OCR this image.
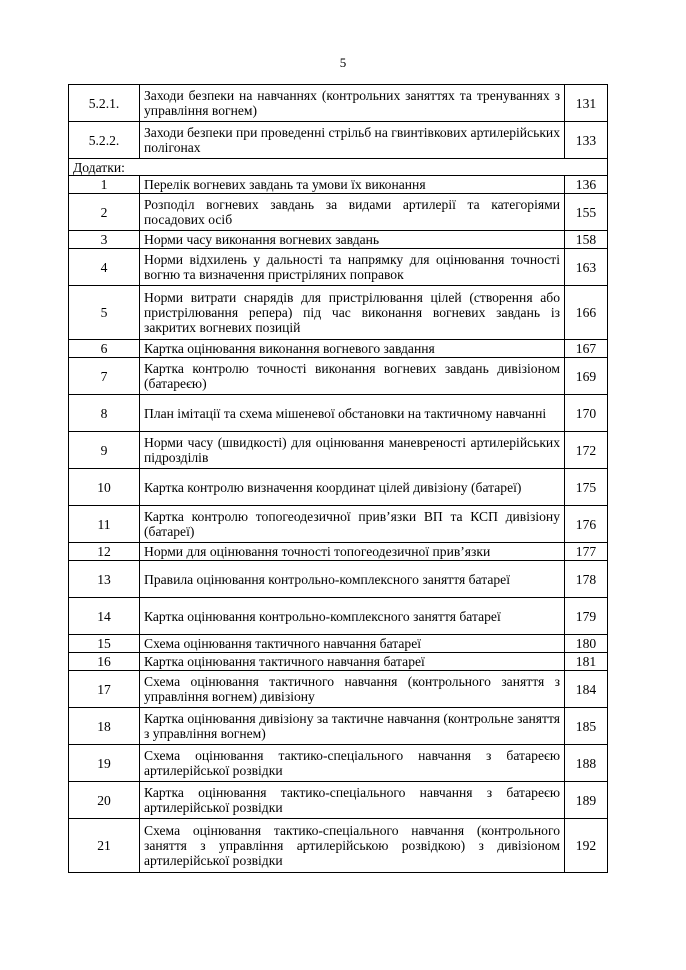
5
5.2.1.	Заходи безпеки на навчаннях (контрольних заняттях та тренуваннях з управління вогнем)	131
5.2.2.	Заходи безпеки при проведенні стрільб на гвинтівкових артилерійських полігонах	133
Додатки:		
1	Перелік вогневих завдань та умови їх виконання	136
2	Розподіл вогневих завдань за видами артилерії та категоріями посадових осіб	155
3	Норми часу виконання вогневих завдань	158
4	Норми відхилень у дальності та напрямку для оцінювання точності вогню та визначення пристріляних поправок	163
5	Норми витрати снарядів для пристрілювання цілей (створення або пристрілювання репера) під час виконання вогневих завдань із закритих вогневих позицій	166
6	Картка оцінювання виконання вогневого завдання	167
7	Картка контролю точності виконання вогневих завдань дивізіоном (батареєю)	169
8	План імітації та схема мішеневої обстановки на тактичному навчанні	170
9	Норми часу (швидкості) для оцінювання маневреності артилерійських підрозділів	172
10	Картка контролю визначення координат цілей дивізіону (батареї)	175
11	Картка контролю топогеодезичної прив’язки ВП та КСП дивізіону (батареї)	176
12	Норми для оцінювання точності топогеодезичної прив’язки	177
13	Правила оцінювання контрольно-комплексного заняття батареї	178
14	Картка оцінювання контрольно-комплексного заняття батареї	179
15	Схема оцінювання тактичного навчання батареї	180
16	Картка оцінювання тактичного навчання батареї	181
17	Схема оцінювання тактичного навчання (контрольного заняття з управління вогнем) дивізіону	184
18	Картка оцінювання дивізіону за тактичне навчання (контрольне заняття з управління вогнем)	185
19	Схема оцінювання тактико-спеціального навчання з батареєю артилерійської розвідки	188
20	Картка оцінювання тактико-спеціального навчання з батареєю артилерійської розвідки	189
21	Схема оцінювання тактико-спеціального навчання (контрольного заняття з управління артилерійською розвідкою) з дивізіоном артилерійської розвідки	192
